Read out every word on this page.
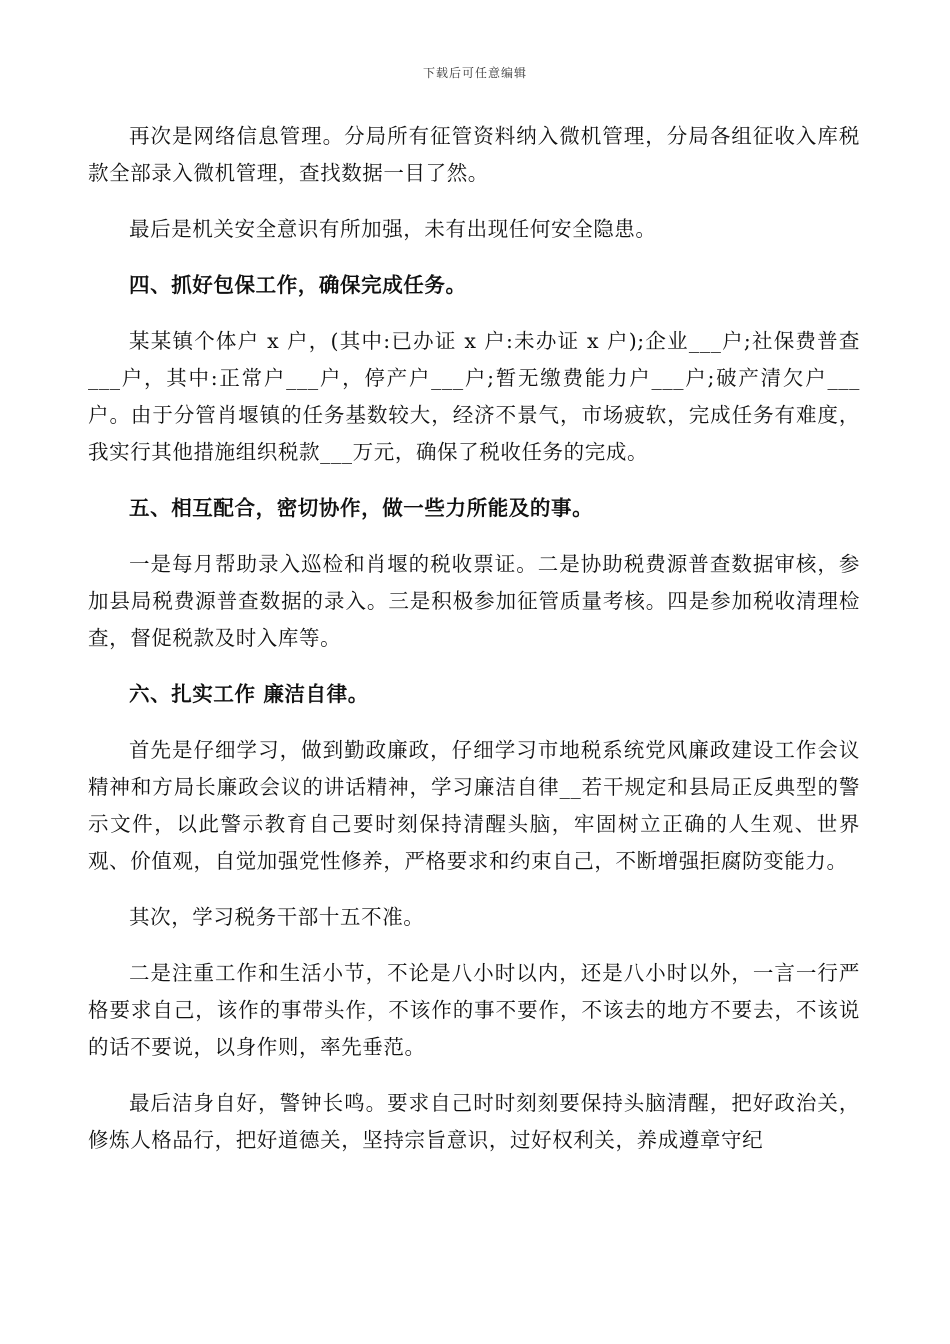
下载后可任意编辑

再次是网络信息管理。分局所有征管资料纳入微机管理，分局各组征收入库税款全部录入微机管理，查找数据一目了然。

最后是机关安全意识有所加强，未有出现任何安全隐患。

四、抓好包保工作，确保完成任务。

某某镇个体户 x 户，(其中:已办证 x 户:未办证 x 户);企业___户;社保费普查___户，其中:正常户___户，停产户___户;暂无缴费能力户___户;破产清欠户___户。由于分管肖堰镇的任务基数较大，经济不景气，市场疲软，完成任务有难度，我实行其他措施组织税款___万元，确保了税收任务的完成。

五、相互配合，密切协作，做一些力所能及的事。

一是每月帮助录入巡检和肖堰的税收票证。二是协助税费源普查数据审核，参加县局税费源普查数据的录入。三是积极参加征管质量考核。四是参加税收清理检查，督促税款及时入库等。

六、扎实工作 廉洁自律。

首先是仔细学习，做到勤政廉政，仔细学习市地税系统党风廉政建设工作会议精神和方局长廉政会议的讲话精神，学习廉洁自律__若干规定和县局正反典型的警示文件，以此警示教育自己要时刻保持清醒头脑，牢固树立正确的人生观、世界观、价值观，自觉加强党性修养，严格要求和约束自己，不断增强拒腐防变能力。

其次，学习税务干部十五不准。

二是注重工作和生活小节，不论是八小时以内，还是八小时以外，一言一行严格要求自己，该作的事带头作，不该作的事不要作，不该去的地方不要去，不该说的话不要说，以身作则，率先垂范。

最后洁身自好，警钟长鸣。要求自己时时刻刻要保持头脑清醒，把好政治关，修炼人格品行，把好道德关，坚持宗旨意识，过好权利关，养成遵章守纪
